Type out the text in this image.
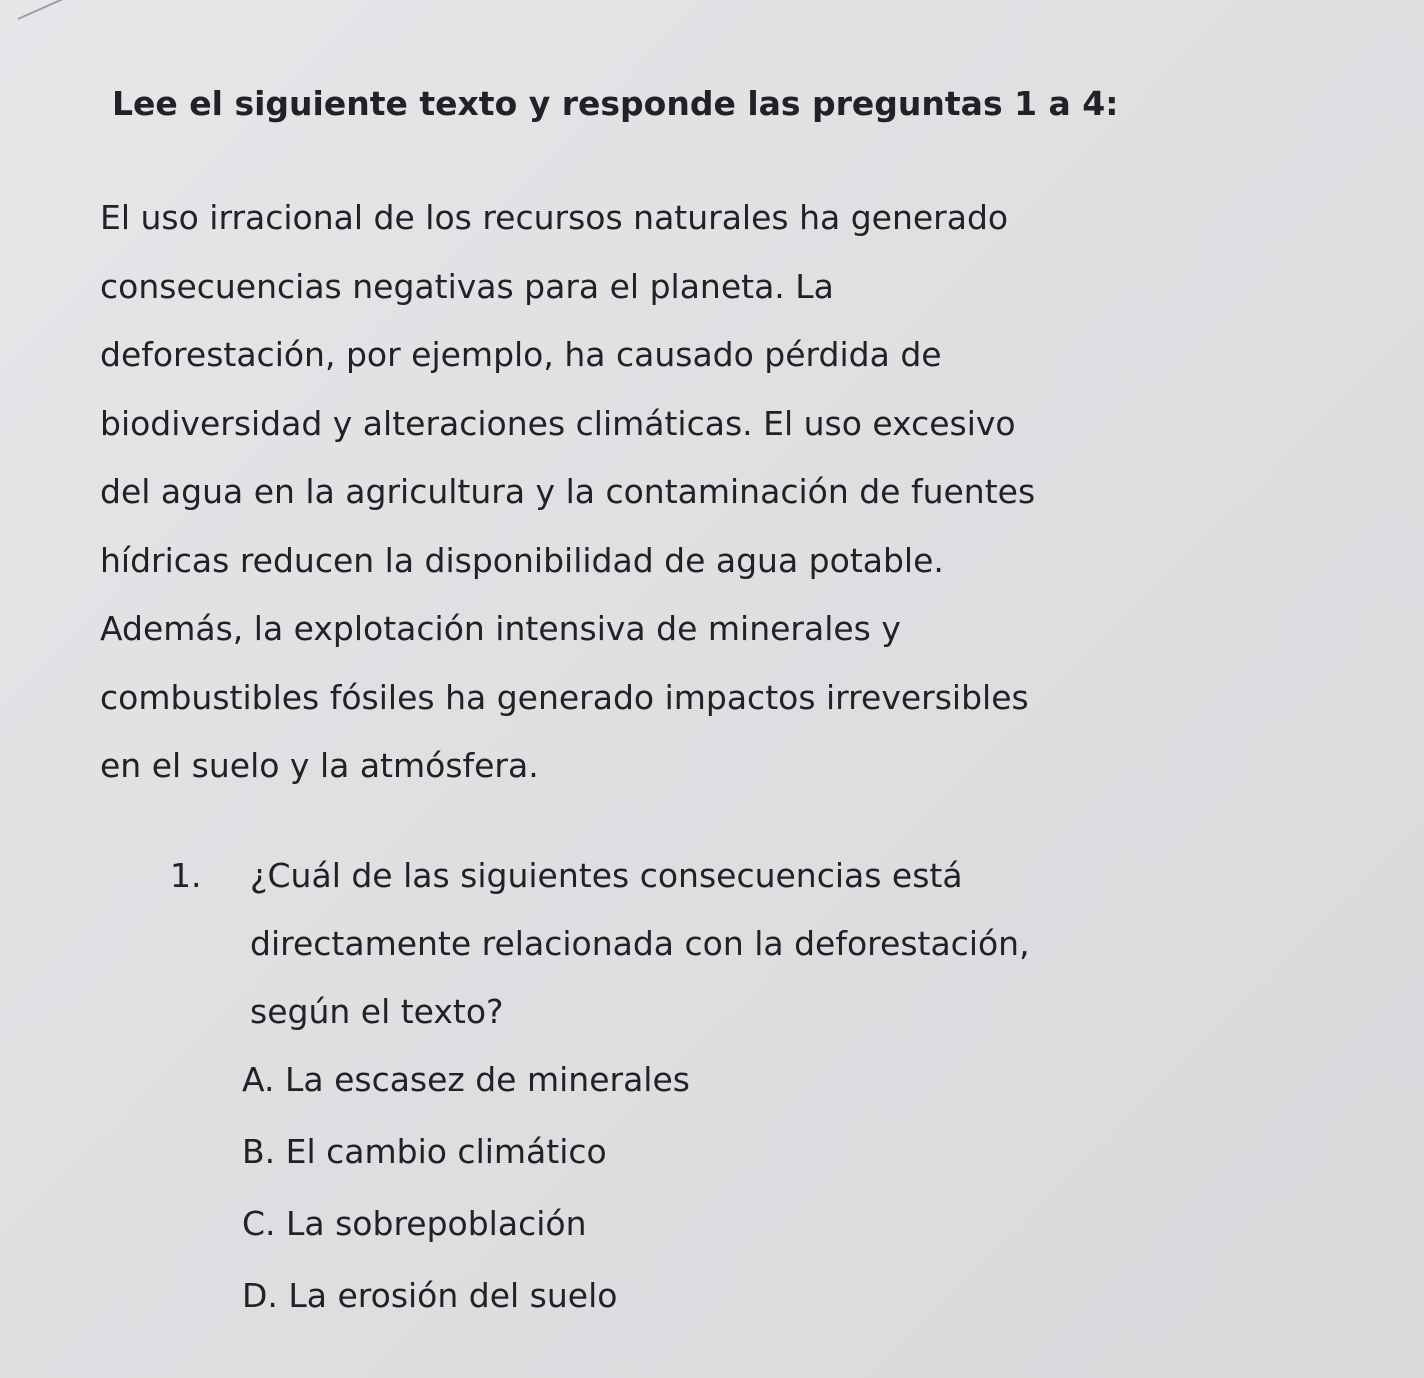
Lee el siguiente texto y responde las preguntas 1 a 4:

El uso irracional de los recursos naturales ha generado
consecuencias negativas para el planeta. La
deforestación, por ejemplo, ha causado pérdida de
biodiversidad y alteraciones climáticas. El uso excesivo
del agua en la agricultura y la contaminación de fuentes
hídricas reducen la disponibilidad de agua potable.
Además, la explotación intensiva de minerales y
combustibles fósiles ha generado impactos irreversibles
en el suelo y la atmósfera.

1. ¿Cuál de las siguientes consecuencias está
directamente relacionada con la deforestación,
según el texto?
A. La escasez de minerales
B. El cambio climático
C. La sobrepoblación
D. La erosión del suelo
